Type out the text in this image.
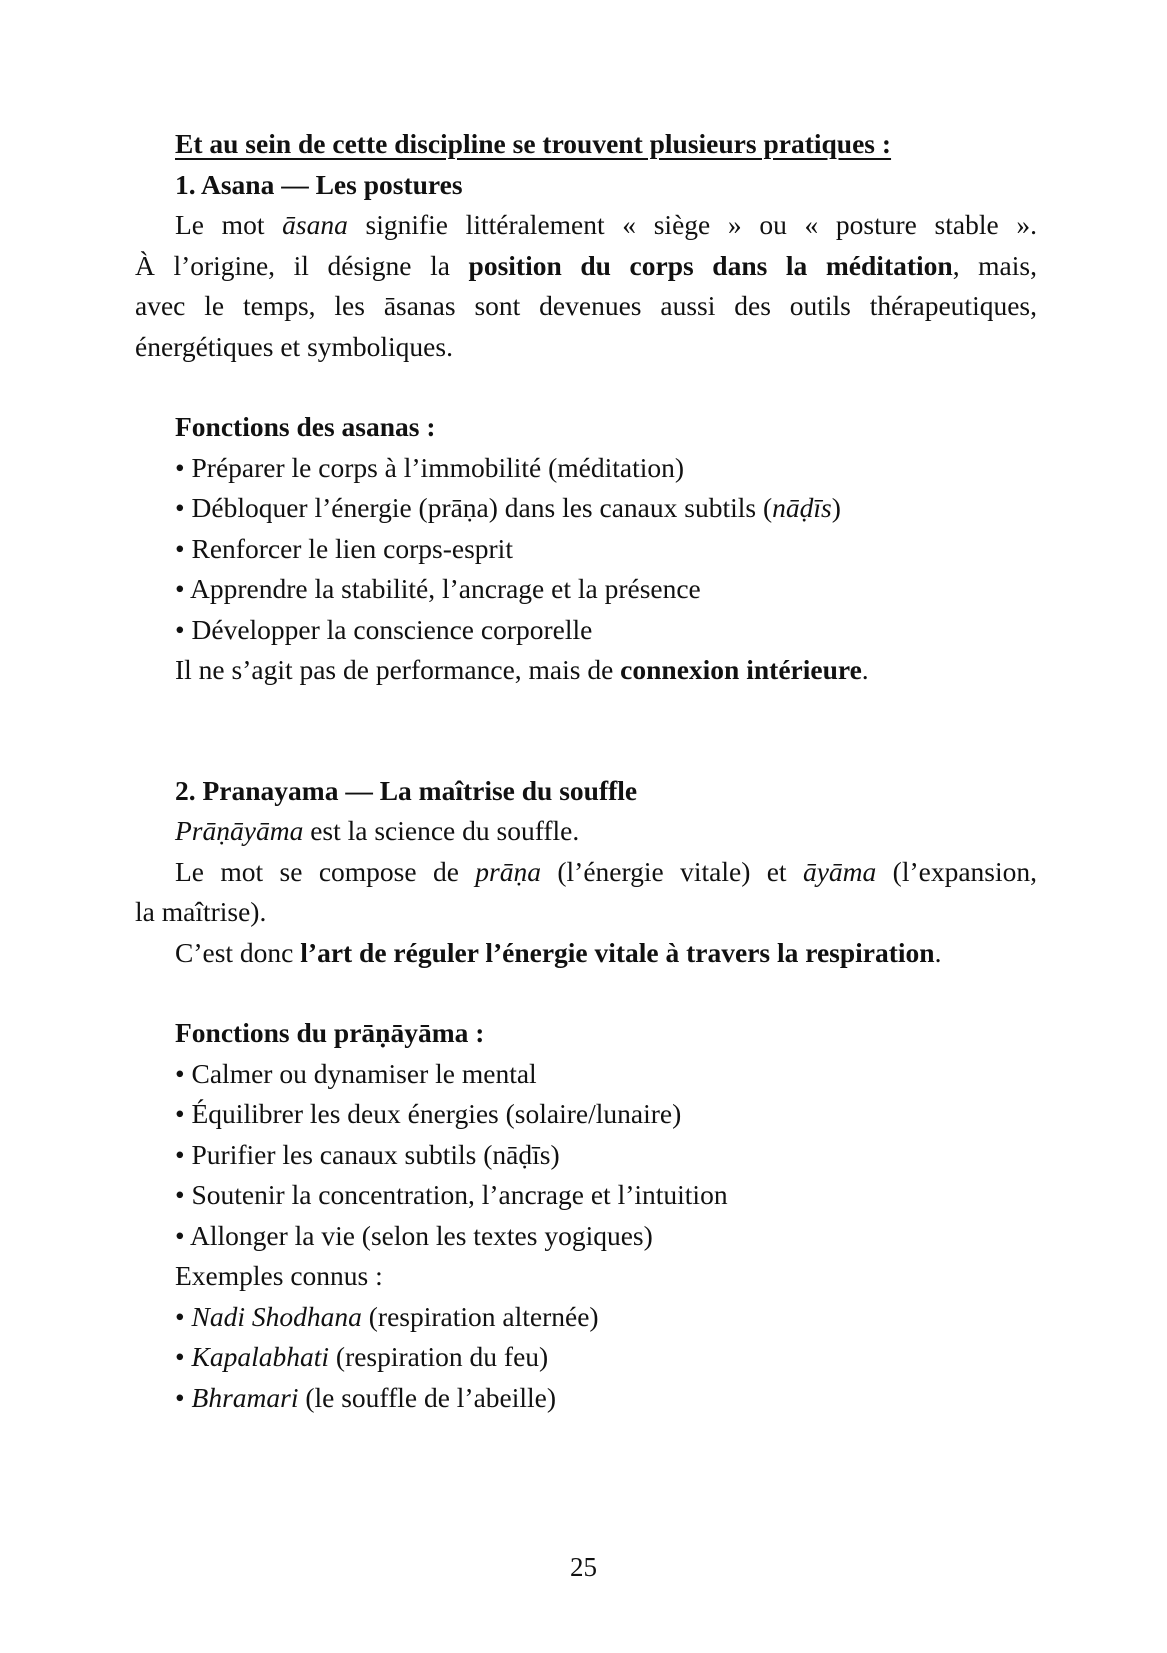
Et au sein de cette discipline se trouvent plusieurs pratiques :
1. Asana — Les postures
Le mot āsana signifie littéralement « siège » ou « posture stable ».
À l’origine, il désigne la position du corps dans la méditation, mais,
avec le temps, les āsanas sont devenues aussi des outils thérapeutiques,
énergétiques et symboliques.
Fonctions des asanas :
• Préparer le corps à l’immobilité (méditation)
• Débloquer l’énergie (prāṇa) dans les canaux subtils (nāḍīs)
• Renforcer le lien corps-esprit
• Apprendre la stabilité, l’ancrage et la présence
• Développer la conscience corporelle
Il ne s’agit pas de performance, mais de connexion intérieure.
2. Pranayama — La maîtrise du souffle
Prāṇāyāma est la science du souffle.
Le mot se compose de prāṇa (l’énergie vitale) et āyāma (l’expansion,
la maîtrise).
C’est donc l’art de réguler l’énergie vitale à travers la respiration.
Fonctions du prāṇāyāma :
• Calmer ou dynamiser le mental
• Équilibrer les deux énergies (solaire/lunaire)
• Purifier les canaux subtils (nāḍīs)
• Soutenir la concentration, l’ancrage et l’intuition
• Allonger la vie (selon les textes yogiques)
Exemples connus :
• Nadi Shodhana (respiration alternée)
• Kapalabhati (respiration du feu)
• Bhramari (le souffle de l’abeille)
25
